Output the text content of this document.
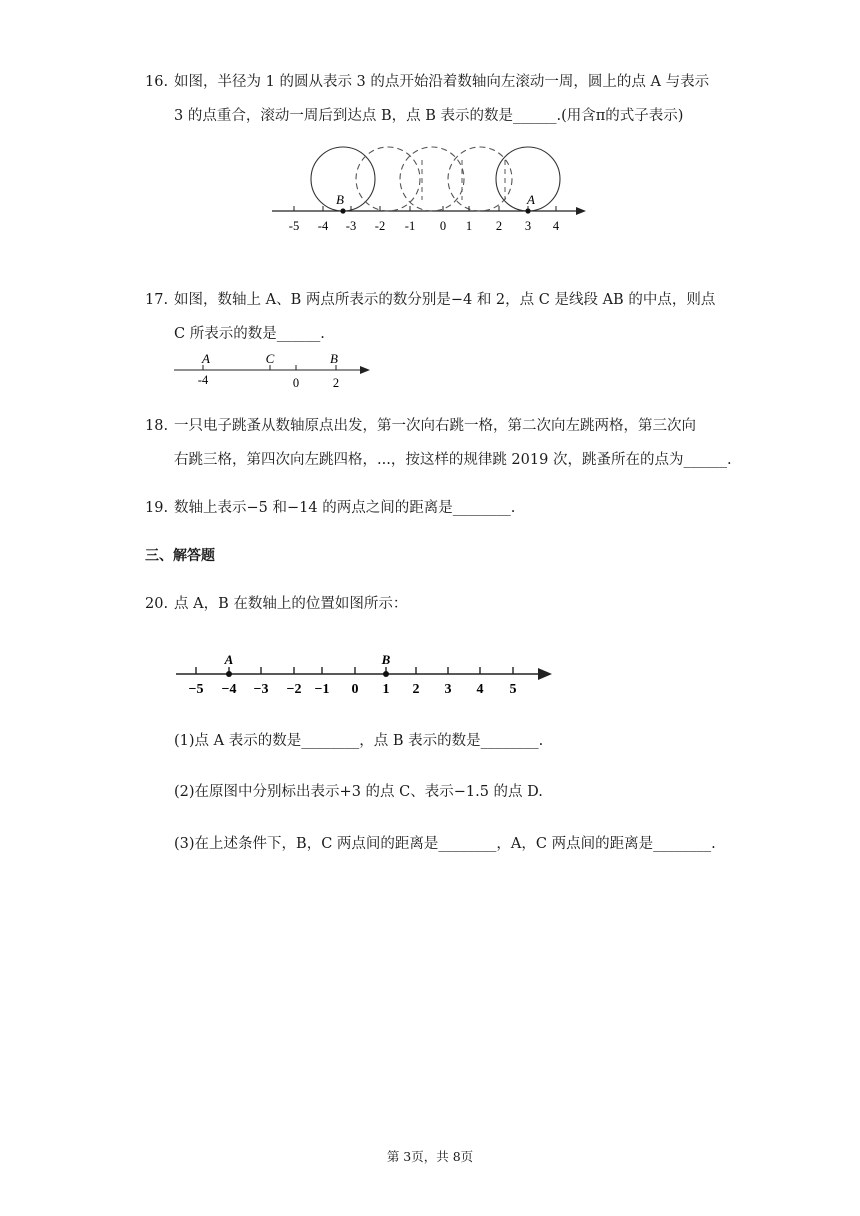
16. 如图，半径为 1 的圆从表示 3 的点开始沿着数轴向左滚动一周，圆上的点 A 与表示
3 的点重合，滚动一周后到达点 B，点 B 表示的数是______.(用含π的式子表示)
B	A
-5 -4 -3 -2 -1 0 1 2 3 4
17. 如图，数轴上 A、B 两点所表示的数分别是−4 和 2，点 C 是线段 AB 的中点，则点
C 所表示的数是______.
A	C	B
-4	0	2
18. 一只电子跳蚤从数轴原点出发，第一次向右跳一格，第二次向左跳两格，第三次向
右跳三格，第四次向左跳四格，...，按这样的规律跳 2019 次，跳蚤所在的点为______.
19. 数轴上表示−5 和−14 的两点之间的距离是________.
三、解答题
20. 点 A，B 在数轴上的位置如图所示：
A	B
−5 −4 −3 −2 −1 0 1 2 3 4 5
(1)点 A 表示的数是________，点 B 表示的数是________.
(2)在原图中分别标出表示+3 的点 C、表示−1.5 的点 D.
(3)在上述条件下，B，C 两点间的距离是________，A，C 两点间的距离是________.
第 3页，共 8页
